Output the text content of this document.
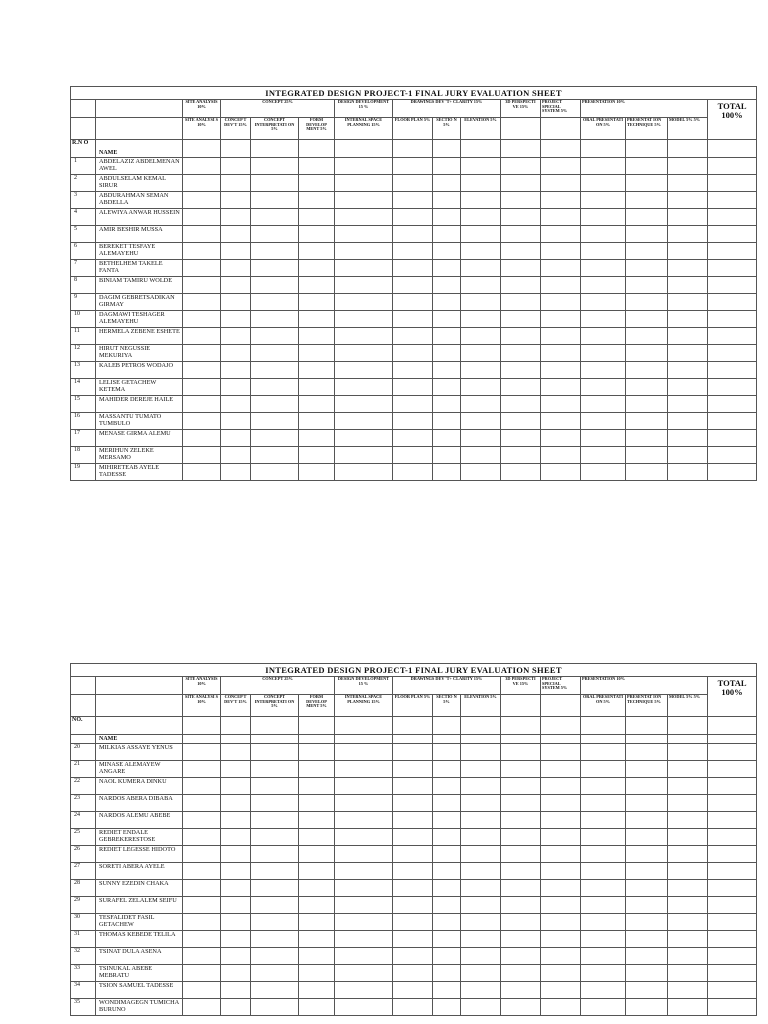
INTEGRATED DESIGN PROJECT-1 FINAL JURY EVALUATION SHEET															
		SITE ANALYSIS 10%	CONCEPT 25%			DESIGN DEVELOPMENT 15 %	DRAWINGS DEV 'T+ CLARITY 15%			3D PERSPECTI VE 15%	PROJECT SPECIAL SYSTEM 5%	PRESENTATION 10%			TOTAL 100%
		SITE ANALYSI S 10%	CONCEP T DEV'T 15%	CONCEPT INTERPRETATI ON 5%	FORM DEVELOP MENT 5%	INTERNAL SPACE PLANNING 15%	FLOOR PLAN 5%	SECTIO N 5%	ELEVATION 5%			ORAL PRESENTATI ON 5%	PRESENTAT ION TECHNIQUE 5%	MODEL 5% 5%	
R.N O	NAME														
1	ABDELAZIZ ABDELMENAN AWEL														
2	ABDULSELAM KEMAL SIRUR														
3	ABDURAHMAN SEMAN ABDELLA														
4	ALEWIYA ANWAR HUSSEIN														
5	AMIR BESHIR MUSSA														
6	BEREKET TESFAYE ALEMAYEHU														
7	BETHELHEM TAKELE FANTA														
8	BINIAM TAMIRU WOLDE														
9	DAGIM GEBRETSADIKAN GIRMAY														
10	DAGMAWI TESHAGER ALEMAYEHU														
11	HERMELA ZEBENE ESHETE														
12	HIRUT NEGUSSIE MEKURIYA														
13	KALEB PETROS WODAJO														
14	LELISE GETACHEW KETEMA														
15	MAHIDER DEREJE HAILE														
16	MASSANTU TUMATO TUMBULO														
17	MENASE GIRMA ALEMU														
18	MERIHUN ZELEKE MERSAMO														
19	MIHIRETEAB AYELE TADESSE														
INTEGRATED DESIGN PROJECT-1 FINAL JURY EVALUATION SHEET															
		SITE ANALYSIS 10%	CONCEPT 25%			DESIGN DEVELOPMENT 15 %	DRAWINGS DEV 'T+ CLARITY 15%			3D PERSPECTI VE 15%	PROJECT SPECIAL SYSTEM 5%	PRESENTATION 10%			TOTAL 100%
		SITE ANALYSI S 10%	CONCEP T DEV'T 15%	CONCEPT INTERPRETATI ON 5%	FORM DEVELOP MENT 5%	INTERNAL SPACE PLANNING 15%	FLOOR PLAN 5%	SECTIO N 5%	ELEVATION 5%			ORAL PRESENTATI ON 5%	PRESENTAT ION TECHNIQUE 5%	MODEL 5% 5%	
NO.															
	NAME														
20	MILKIAS ASSAYE YENUS														
21	MINASE ALEMAYEW ANGARE														
22	NAOL KUMERA DINKU														
23	NARDOS ABERA DIBABA														
24	NARDOS ALEMU ABEBE														
25	REDIET ENDALE GEBREKERESTOSE														
26	REDIET LEGESSE HIDOTO														
27	SORETI ABERA AYELE														
28	SUNNY EZEDIN CHAKA														
29	SURAFEL ZELALEM SEIFU														
30	TESFALIDET FASIL GETACHEW														
31	THOMAS KEBEDE TELILA														
32	TSINAT DULA ASENA														
33	TSINUKAL ABEBE MEBRATU														
34	TSION SAMUEL TADESSE														
35	WONDIMAGEGN TUMICHA BURUNO														
